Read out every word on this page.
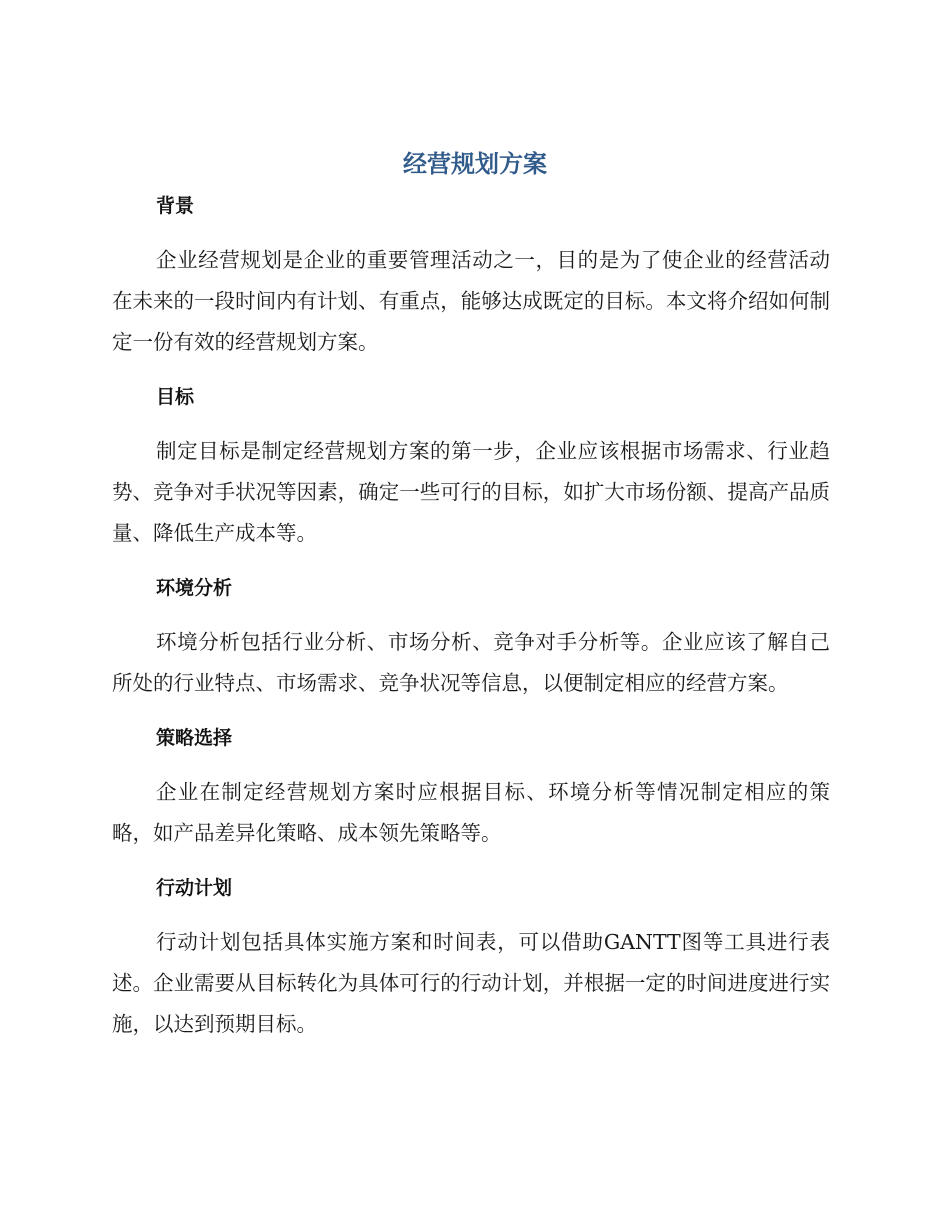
经营规划方案
背景

企业经营规划是企业的重要管理活动之一，目的是为了使企业的经营活动在未来的一段时间内有计划、有重点，能够达成既定的目标。本文将介绍如何制定一份有效的经营规划方案。

目标

制定目标是制定经营规划方案的第一步，企业应该根据市场需求、行业趋势、竞争对手状况等因素，确定一些可行的目标，如扩大市场份额、提高产品质量、降低生产成本等。

环境分析

环境分析包括行业分析、市场分析、竞争对手分析等。企业应该了解自己所处的行业特点、市场需求、竞争状况等信息，以便制定相应的经营方案。

策略选择

企业在制定经营规划方案时应根据目标、环境分析等情况制定相应的策略，如产品差异化策略、成本领先策略等。

行动计划

行动计划包括具体实施方案和时间表，可以借助GANTT图等工具进行表述。企业需要从目标转化为具体可行的行动计划，并根据一定的时间进度进行实施，以达到预期目标。
